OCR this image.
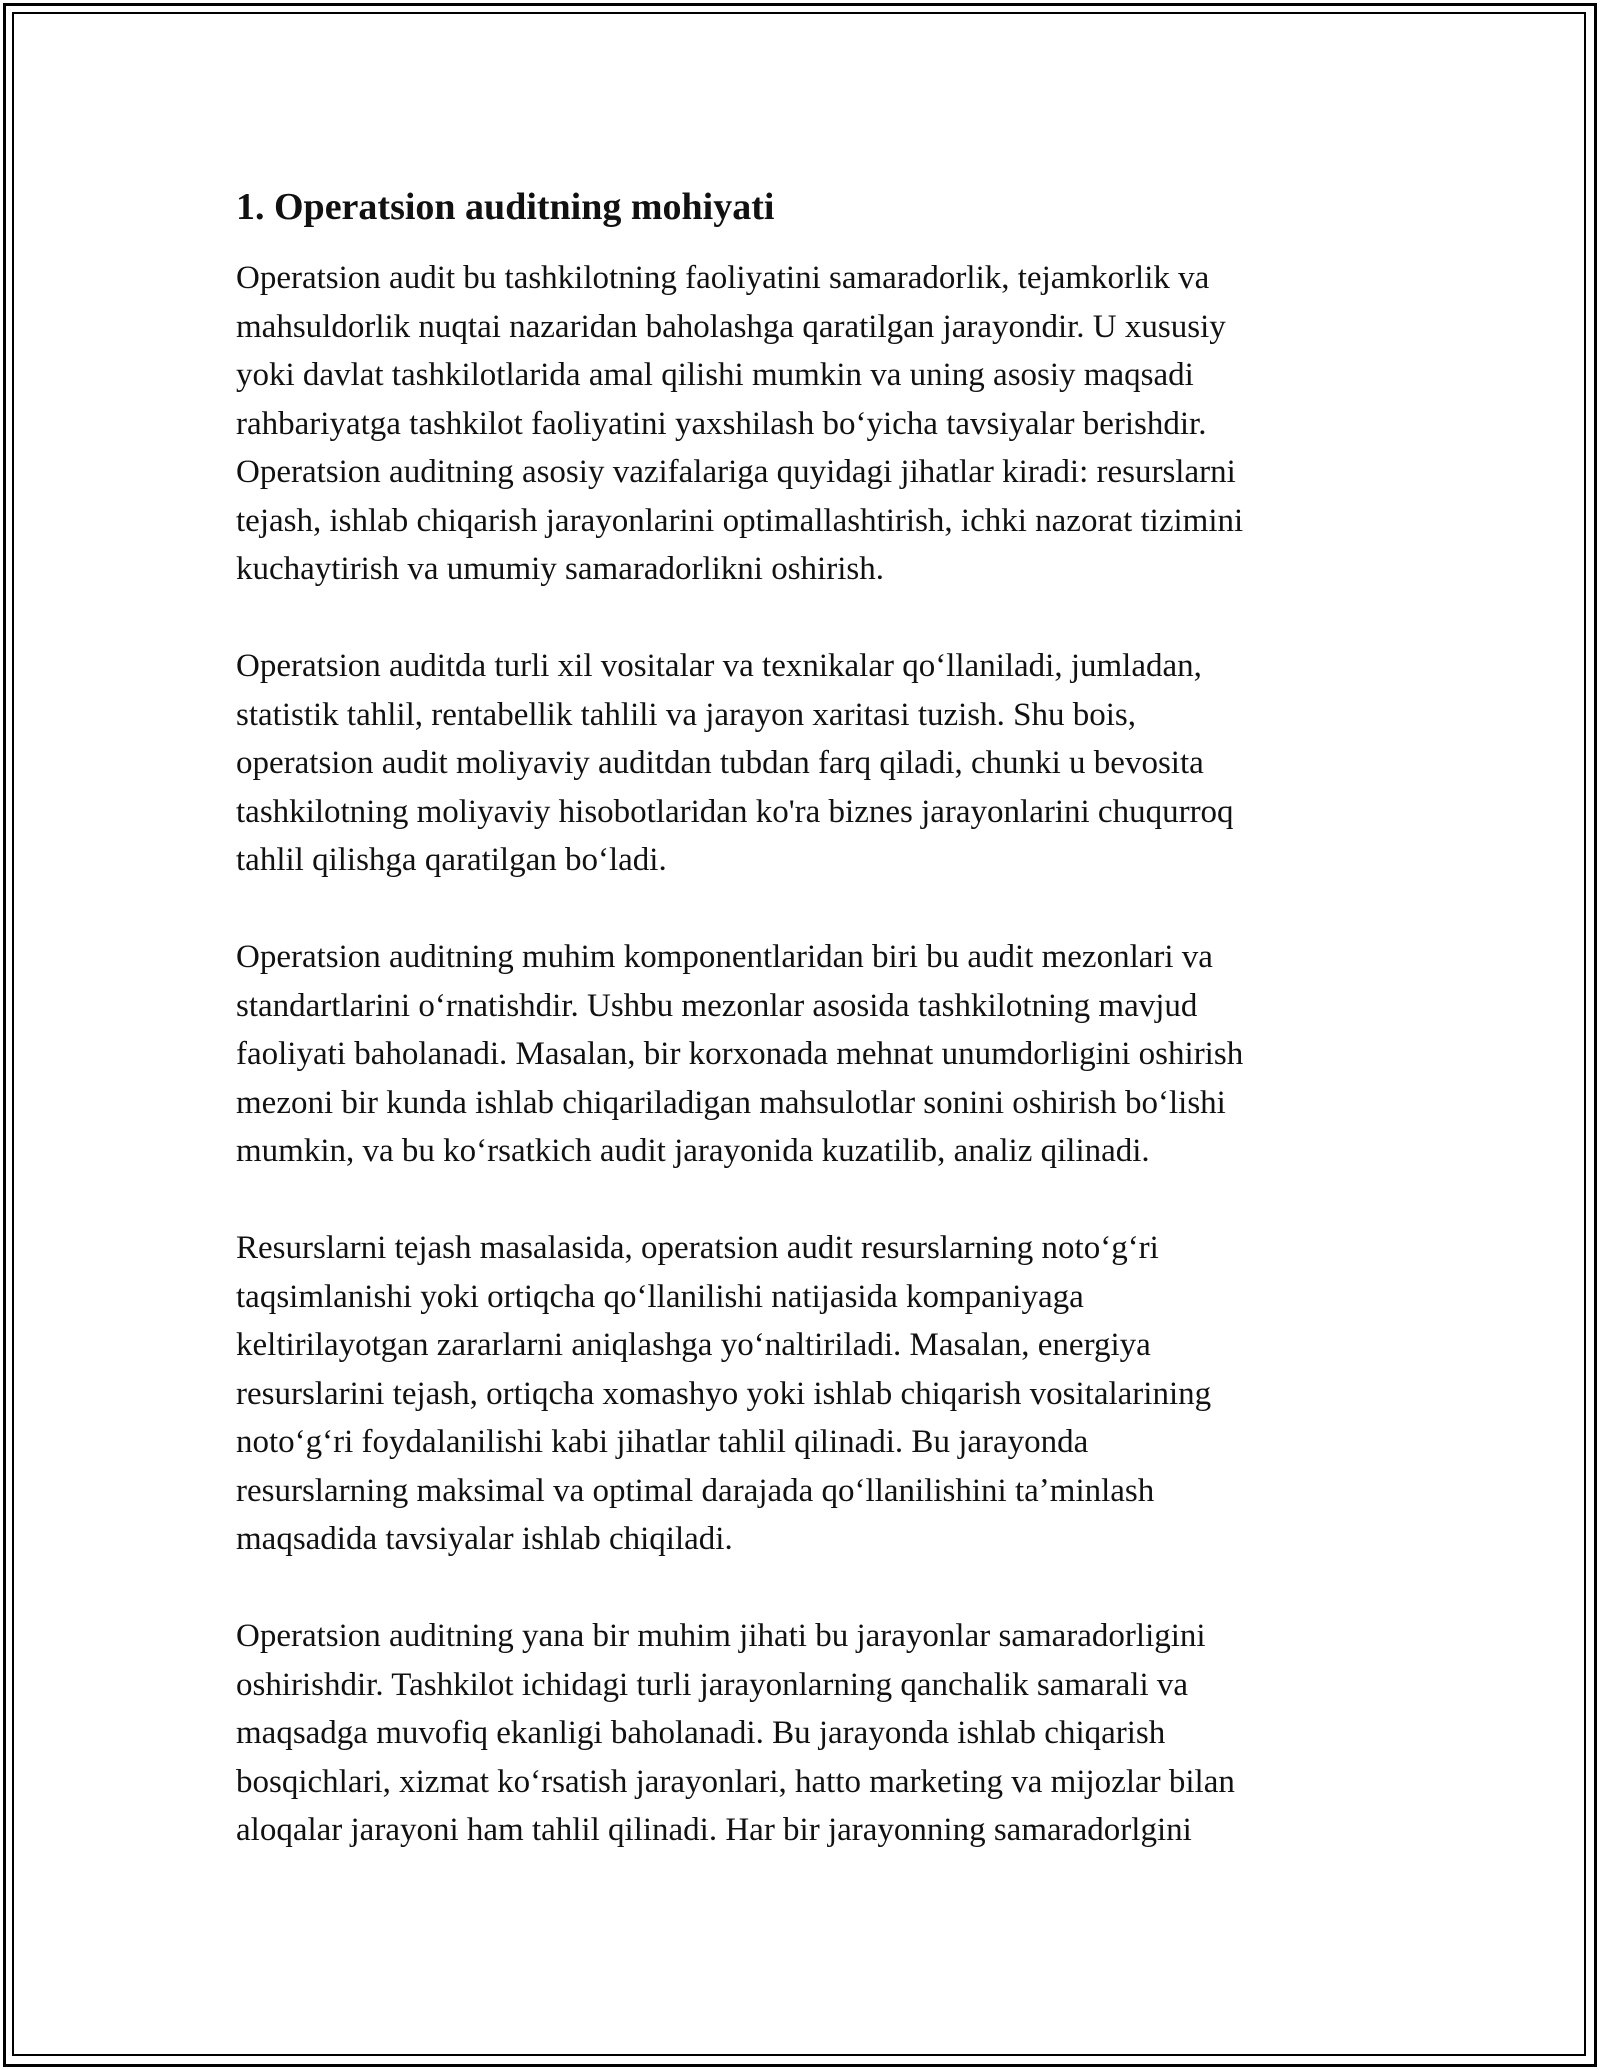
1. Operatsion auditning mohiyati

Operatsion audit bu tashkilotning faoliyatini samaradorlik, tejamkorlik va
mahsuldorlik nuqtai nazaridan baholashga qaratilgan jarayondir. U xususiy
yoki davlat tashkilotlarida amal qilishi mumkin va uning asosiy maqsadi
rahbariyatga tashkilot faoliyatini yaxshilash boʻyicha tavsiyalar berishdir.
Operatsion auditning asosiy vazifalariga quyidagi jihatlar kiradi: resurslarni
tejash, ishlab chiqarish jarayonlarini optimallashtirish, ichki nazorat tizimini
kuchaytirish va umumiy samaradorlikni oshirish.

Operatsion auditda turli xil vositalar va texnikalar qoʻllaniladi, jumladan,
statistik tahlil, rentabellik tahlili va jarayon xaritasi tuzish. Shu bois,
operatsion audit moliyaviy auditdan tubdan farq qiladi, chunki u bevosita
tashkilotning moliyaviy hisobotlaridan ko'ra biznes jarayonlarini chuqurroq
tahlil qilishga qaratilgan boʻladi.

Operatsion auditning muhim komponentlaridan biri bu audit mezonlari va
standartlarini oʻrnatishdir. Ushbu mezonlar asosida tashkilotning mavjud
faoliyati baholanadi. Masalan, bir korxonada mehnat unumdorligini oshirish
mezoni bir kunda ishlab chiqariladigan mahsulotlar sonini oshirish boʻlishi
mumkin, va bu koʻrsatkich audit jarayonida kuzatilib, analiz qilinadi.

Resurslarni tejash masalasida, operatsion audit resurslarning notoʻgʻri
taqsimlanishi yoki ortiqcha qoʻllanilishi natijasida kompaniyaga
keltirilayotgan zararlarni aniqlashga yoʻnaltiriladi. Masalan, energiya
resurslarini tejash, ortiqcha xomashyo yoki ishlab chiqarish vositalarining
notoʻgʻri foydalanilishi kabi jihatlar tahlil qilinadi. Bu jarayonda
resurslarning maksimal va optimal darajada qoʻllanilishini taʼminlash
maqsadida tavsiyalar ishlab chiqiladi.

Operatsion auditning yana bir muhim jihati bu jarayonlar samaradorligini
oshirishdir. Tashkilot ichidagi turli jarayonlarning qanchalik samarali va
maqsadga muvofiq ekanligi baholanadi. Bu jarayonda ishlab chiqarish
bosqichlari, xizmat koʻrsatish jarayonlari, hatto marketing va mijozlar bilan
aloqalar jarayoni ham tahlil qilinadi. Har bir jarayonning samaradorlgini
